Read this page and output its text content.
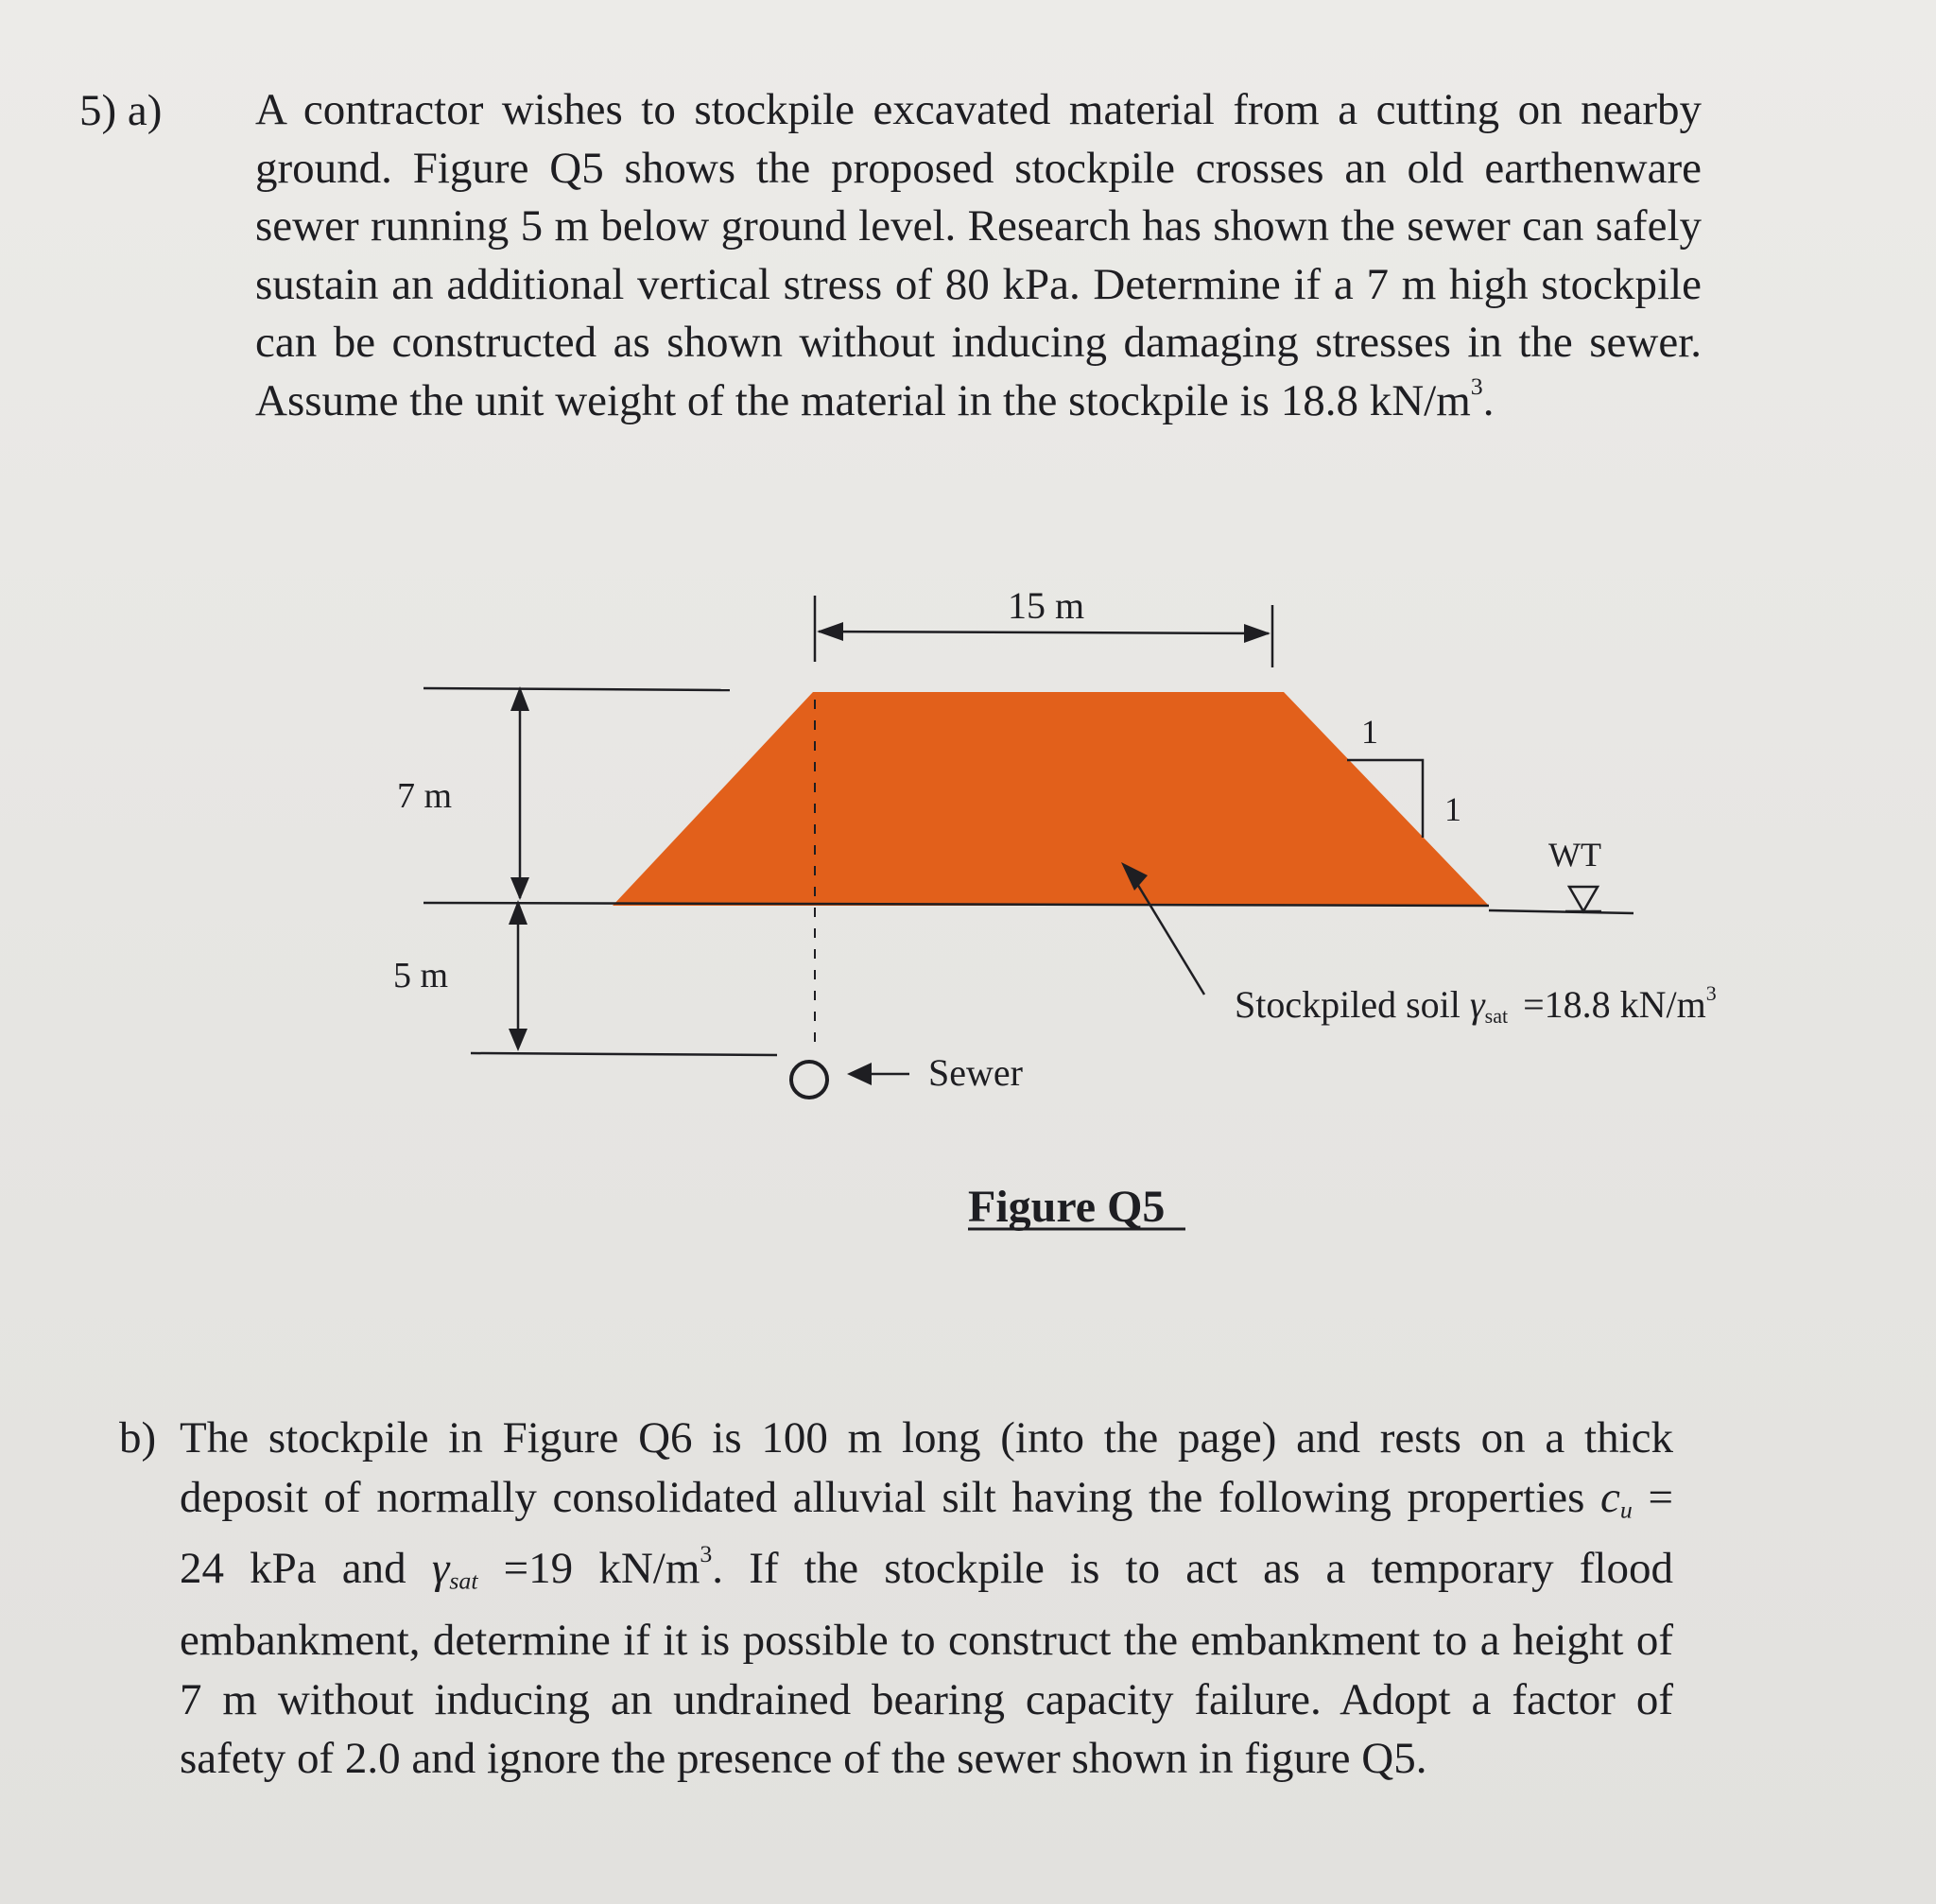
5) a) A contractor wishes to stockpile excavated material from a cutting on nearby ground. Figure Q5 shows the proposed stockpile crosses an old earthenware sewer running 5 m below ground level. Research has shown the sewer can safely sustain an additional vertical stress of 80 kPa. Determine if a 7 m high stockpile can be constructed as shown without inducing damaging stresses in the sewer. Assume the unit weight of the material in the stockpile is 18.8 $kN/m^3$.
7 m
5 m
15 m
1
1
WT
Sewer
Stockpiled soil γsat =18.8 $kN/m^3$
Figure Q5
b) The stockpile in Figure Q6 is 100 m long (into the page) and rests on a thick deposit of normally consolidated alluvial silt having the following properties $c_u = 24$ kPa and $\gamma_{sat} =19$ $kN/m^3$. If the stockpile is to act as a temporary flood embankment, determine if it is possible to construct the embankment to a height of 7 m without inducing an undrained bearing capacity failure. Adopt a factor of safety of 2.0 and ignore the presence of the sewer shown in figure Q5.
